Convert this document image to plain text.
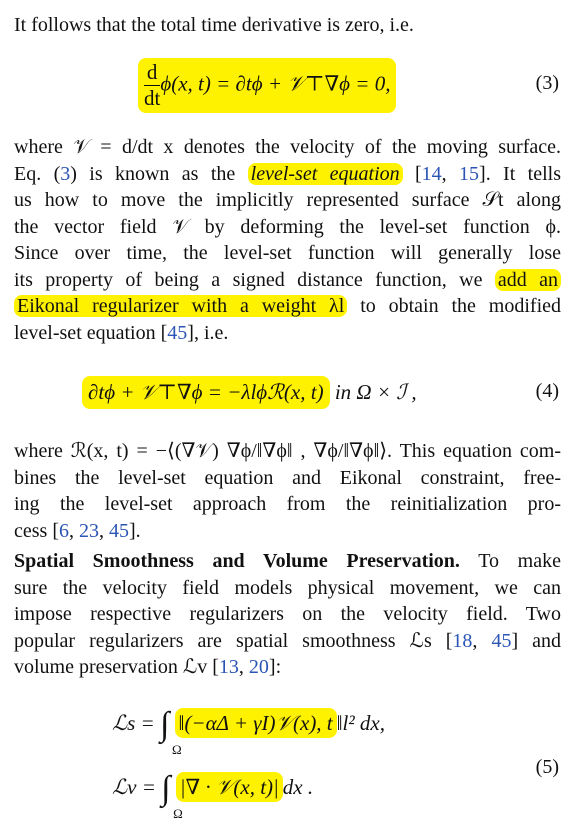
It follows that the total time derivative is zero, i.e.
$\frac{d}{dt} \phi(x$, t) = ∂tϕ + 𝒱⊤∇ϕ = 0,	(3)
where 𝒱 = d/dt x denotes the velocity of the moving surface.
Eq. (3) is known as the level-set equation [14, 15]. It tells
us how to move the implicitly represented surface 𝒮t along
the vector field 𝒱 by deforming the level-set function ϕ.
Since over time, the level-set function will generally lose
its property of being a signed distance function, we add an
Eikonal regularizer with a weight λl to obtain the modified
level-set equation [45], i.e.
∂tϕ + 𝒱⊤∇ϕ = −λlϕℛ(x, t) in Ω × ℐ ,	(4)
where ℛ(x, t) = −⟨(∇𝒱) ∇ϕ/‖∇ϕ‖ , ∇ϕ/‖∇ϕ‖⟩. This equation com-
bines the level-set equation and Eikonal constraint, free-
ing the level-set approach from the reinitialization pro-
cess [6, 23, 45].
Spatial Smoothness and Volume Preservation. To make
sure the velocity field models physical movement, we can
impose respective regularizers on the velocity field. Two
popular regularizers are spatial smoothness ℒs [18, 45] and
volume preservation ℒv [13, 20]:
ℒs = ∫
Ω
‖(−αΔ + γI)𝒱(x), t ‖l² dx,
ℒv = ∫
Ω
|∇ · 𝒱(x, t)| dx .
(5)
